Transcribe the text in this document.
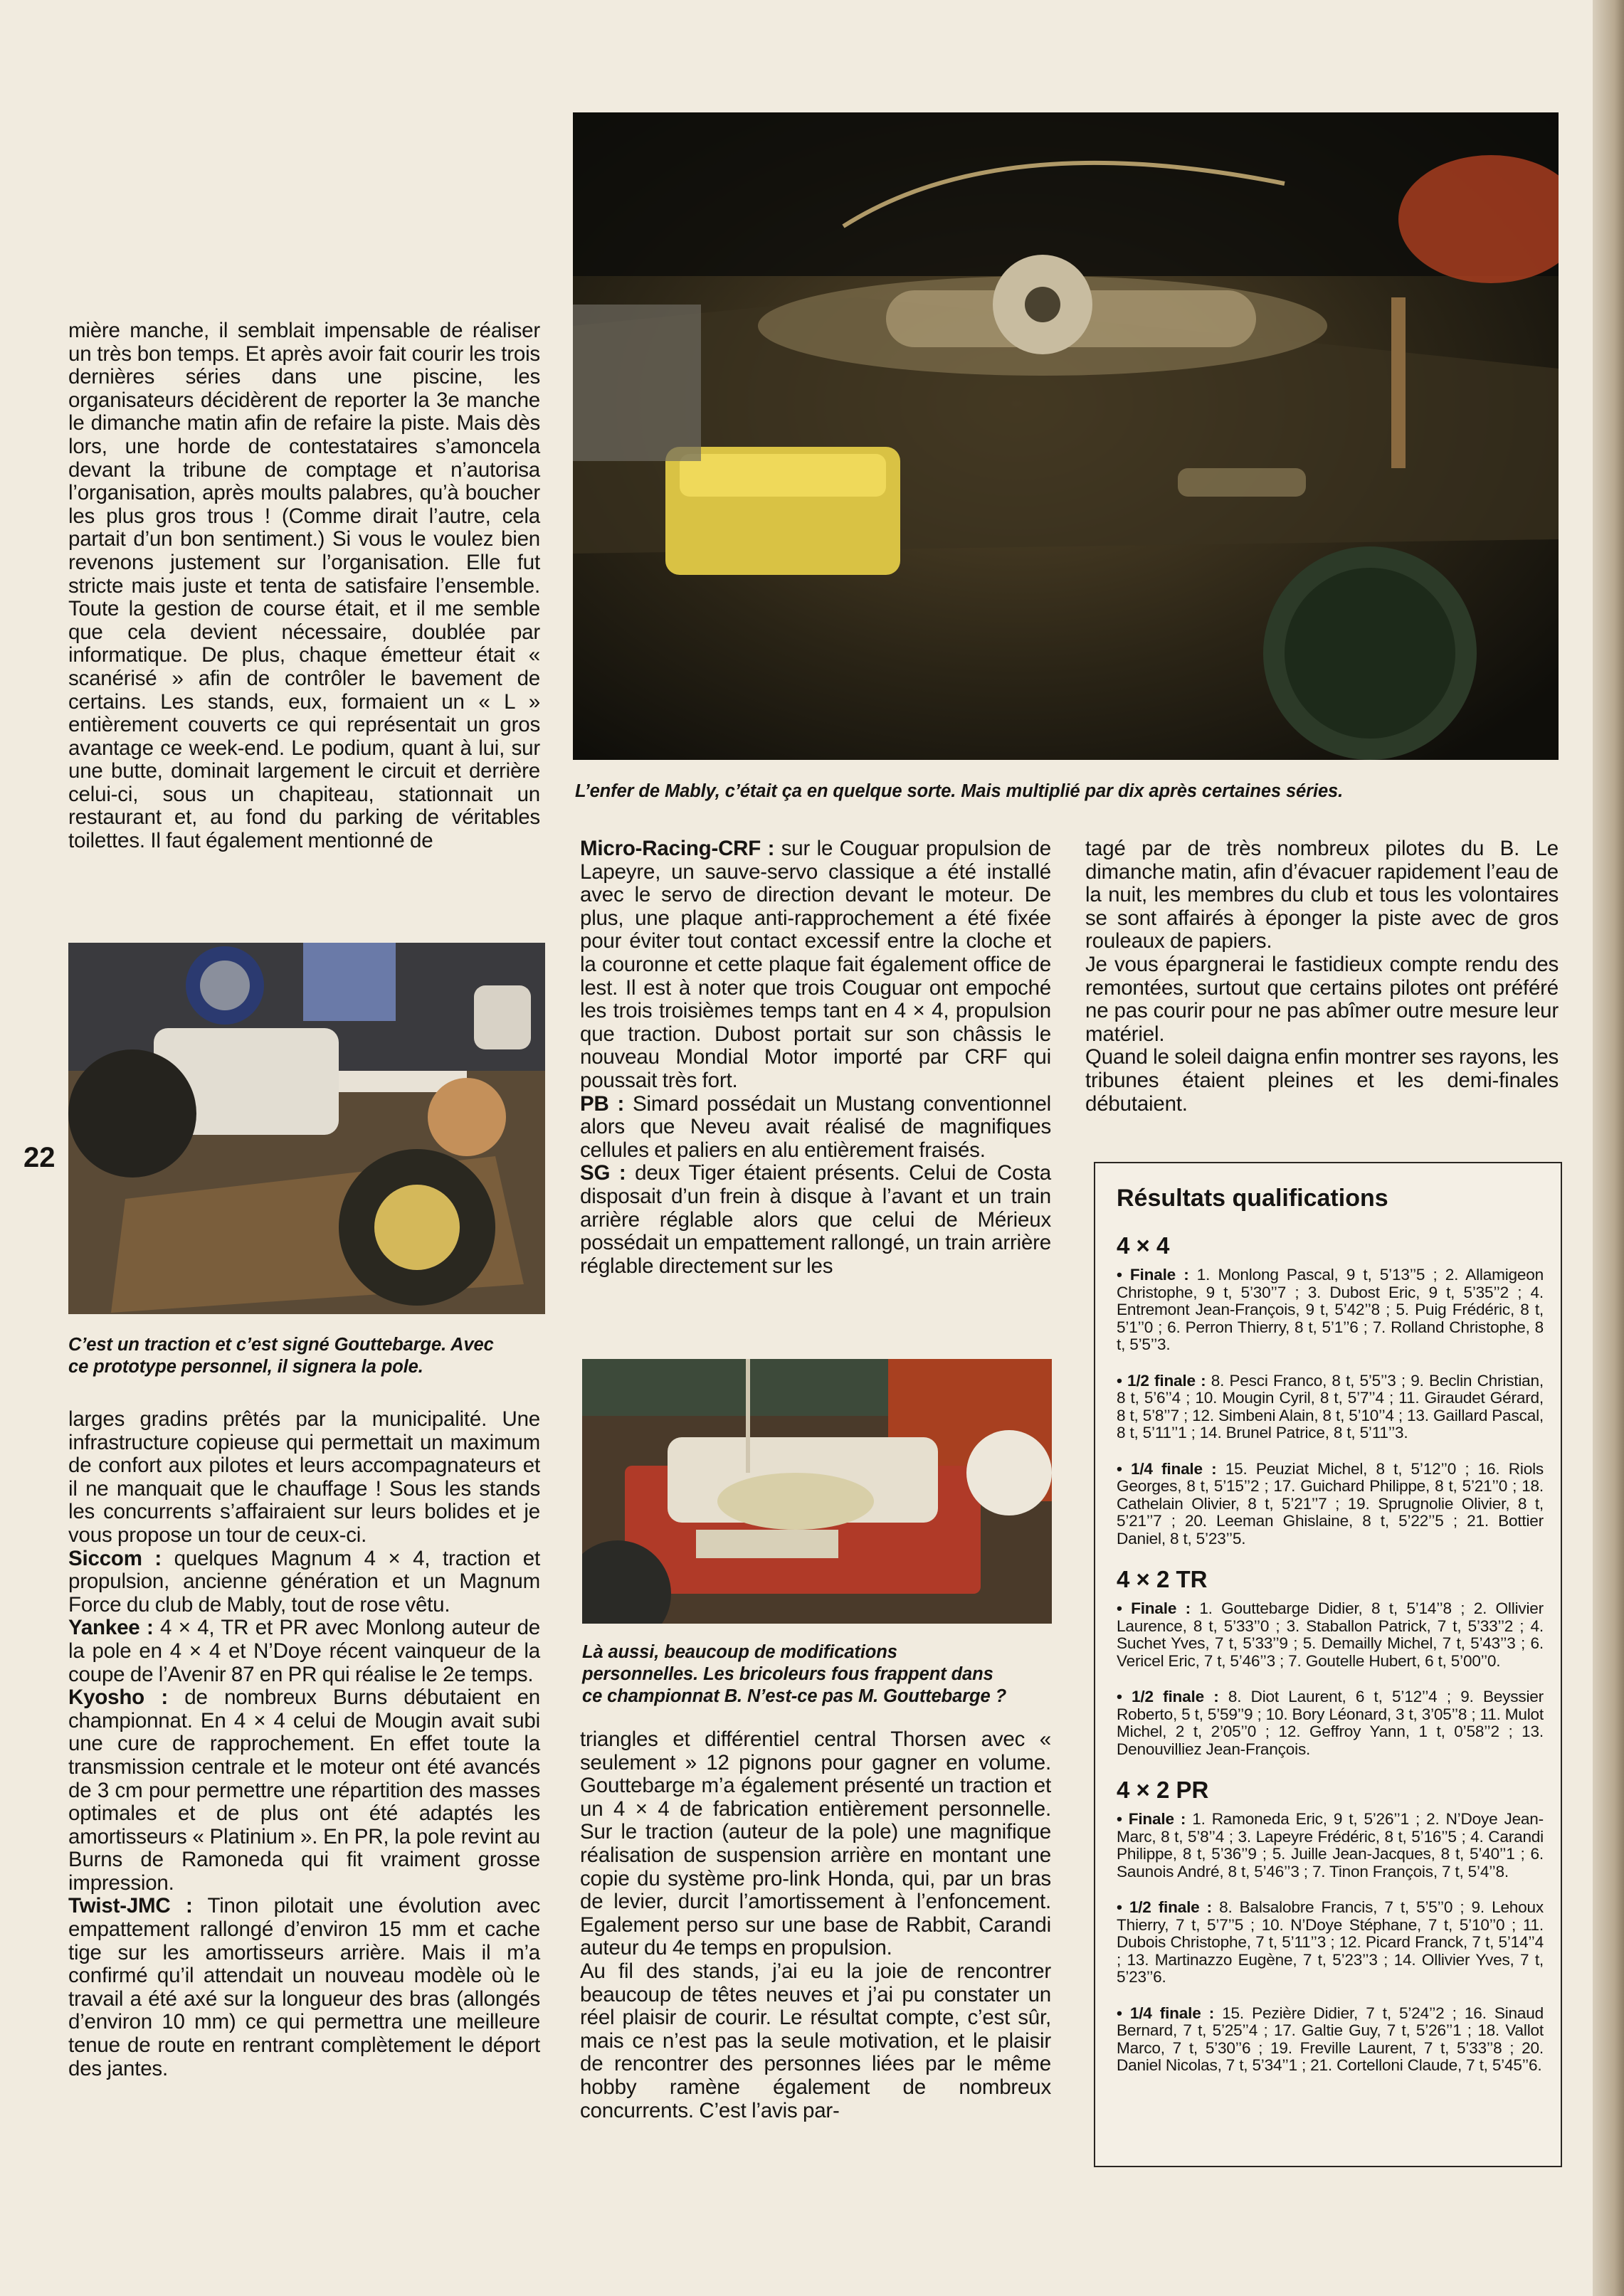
L’enfer de Mably, c’était ça en quelque sorte. Mais multiplié par dix après certaines séries.

mière manche, il semblait impensable de réaliser un très bon temps. Et après avoir fait courir les trois dernières séries dans une piscine, les organisateurs décidèrent de reporter la 3e manche le dimanche matin afin de refaire la piste. Mais dès lors, une horde de contestataires s’amoncela devant la tribune de comptage et n’autorisa l’organisation, après moults palabres, qu’à boucher les plus gros trous ! (Comme dirait l’autre, cela partait d’un bon sentiment.) Si vous le voulez bien revenons justement sur l’organisation. Elle fut stricte mais juste et tenta de satisfaire l’ensemble. Toute la gestion de course était, et il me semble que cela devient nécessaire, doublée par informatique. De plus, chaque émetteur était « scanérisé » afin de contrôler le bavement de certains. Les stands, eux, formaient un « L » entièrement couverts ce qui représentait un gros avantage ce week-end. Le podium, quant à lui, sur une butte, dominait largement le circuit et derrière celui-ci, sous un chapiteau, stationnait un restaurant et, au fond du parking de véritables toilettes. Il faut également mentionné de

C’est un traction et c’est signé Gouttebarge. Avec
ce prototype personnel, il signera la pole.
22

larges gradins prêtés par la municipalité. Une infrastructure copieuse qui permettait un maximum de confort aux pilotes et leurs accompagnateurs et il ne manquait que le chauffage ! Sous les stands les concurrents s’affairaient sur leurs bolides et je vous propose un tour de ceux-ci.

Siccom : quelques Magnum 4 × 4, traction et propulsion, ancienne génération et un Magnum Force du club de Mably, tout de rose vêtu.

Yankee : 4 × 4, TR et PR avec Monlong auteur de la pole en 4 × 4 et N’Doye récent vainqueur de la coupe de l’Avenir 87 en PR qui réalise le 2e temps.

Kyosho : de nombreux Burns débutaient en championnat. En 4 × 4 celui de Mougin avait subi une cure de rapprochement. En effet toute la transmission centrale et le moteur ont été avancés de 3 cm pour permettre une répartition des masses optimales et de plus ont été adaptés les amortisseurs « Platinium ». En PR, la pole revint au Burns de Ramoneda qui fit vraiment grosse impression.

Twist-JMC : Tinon pilotait une évolution avec empattement rallongé d’environ 15 mm et cache tige sur les amortisseurs arrière. Mais il m’a confirmé qu’il attendait un nouveau modèle où le travail a été axé sur la longueur des bras (allongés d’environ 10 mm) ce qui permettra une meilleure tenue de route en rentrant complètement le déport des jantes.

Micro-Racing-CRF : sur le Couguar propulsion de Lapeyre, un sauve-servo classique a été installé avec le servo de direction devant le moteur. De plus, une plaque anti-rapprochement a été fixée pour éviter tout contact excessif entre la cloche et la couronne et cette plaque fait également office de lest. Il est à noter que trois Couguar ont empoché les trois troisièmes temps tant en 4 × 4, propulsion que traction. Dubost portait sur son châssis le nouveau Mondial Motor importé par CRF qui poussait très fort.

PB : Simard possédait un Mustang conventionnel alors que Neveu avait réalisé de magnifiques cellules et paliers en alu entièrement fraisés.

SG : deux Tiger étaient présents. Celui de Costa disposait d’un frein à disque à l’avant et un train arrière réglable alors que celui de Mérieux possédait un empattement rallongé, un train arrière réglable directement sur les

Là aussi, beaucoup de modifications
personnelles. Les bricoleurs fous frappent dans
ce championnat B. N’est-ce pas M. Gouttebarge ?

triangles et différentiel central Thorsen avec « seulement » 12 pignons pour gagner en volume. Gouttebarge m’a également présenté un traction et un 4 × 4 de fabrication entièrement personnelle. Sur le traction (auteur de la pole) une magnifique réalisation de suspension arrière en montant une copie du système pro-link Honda, qui, par un bras de levier, durcit l’amortissement à l’enfoncement. Egalement perso sur une base de Rabbit, Carandi auteur du 4e temps en propulsion.

Au fil des stands, j’ai eu la joie de rencontrer beaucoup de têtes neuves et j’ai pu constater un réel plaisir de courir. Le résultat compte, c’est sûr, mais ce n’est pas la seule motivation, et le plaisir de rencontrer des personnes liées par le même hobby ramène également de nombreux concurrents. C’est l’avis par-

tagé par de très nombreux pilotes du B. Le dimanche matin, afin d’évacuer rapidement l’eau de la nuit, les membres du club et tous les volontaires se sont affairés à éponger la piste avec de gros rouleaux de papiers.

Je vous épargnerai le fastidieux compte rendu des remontées, surtout que certains pilotes ont préféré ne pas courir pour ne pas abîmer outre mesure leur matériel.

Quand le soleil daigna enfin montrer ses rayons, les tribunes étaient pleines et les demi-finales débutaient.

Résultats qualifications
4 × 4

• Finale : 1. Monlong Pascal, 9 t, 5’13’’5 ; 2. Allamigeon Christophe, 9 t, 5’30’’7 ; 3. Dubost Eric, 9 t, 5’35’’2 ; 4. Entremont Jean-François, 9 t, 5’42’’8 ; 5. Puig Frédéric, 8 t, 5’1’’0 ; 6. Perron Thierry, 8 t, 5’1’’6 ; 7. Rolland Christophe, 8 t, 5’5’’3.

• 1/2 finale : 8. Pesci Franco, 8 t, 5’5’’3 ; 9. Beclin Christian, 8 t, 5’6’’4 ; 10. Mougin Cyril, 8 t, 5’7’’4 ; 11. Giraudet Gérard, 8 t, 5’8’’7 ; 12. Simbeni Alain, 8 t, 5’10’’4 ; 13. Gaillard Pascal, 8 t, 5’11’’1 ; 14. Brunel Patrice, 8 t, 5’11’’3.

• 1/4 finale : 15. Peuziat Michel, 8 t, 5’12’’0 ; 16. Riols Georges, 8 t, 5’15’’2 ; 17. Guichard Philippe, 8 t, 5’21’’0 ; 18. Cathelain Olivier, 8 t, 5’21’’7 ; 19. Sprugnolie Olivier, 8 t, 5’21’’7 ; 20. Leeman Ghislaine, 8 t, 5’22’’5 ; 21. Bottier Daniel, 8 t, 5’23’’5.

4 × 2 TR

• Finale : 1. Gouttebarge Didier, 8 t, 5’14’’8 ; 2. Ollivier Laurence, 8 t, 5’33’’0 ; 3. Staballon Patrick, 7 t, 5’33’’2 ; 4. Suchet Yves, 7 t, 5’33’’9 ; 5. Demailly Michel, 7 t, 5’43’’3 ; 6. Vericel Eric, 7 t, 5’46’’3 ; 7. Goutelle Hubert, 6 t, 5’00’’0.

• 1/2 finale : 8. Diot Laurent, 6 t, 5’12’’4 ; 9. Beyssier Roberto, 5 t, 5’59’’9 ; 10. Bory Léonard, 3 t, 3’05’’8 ; 11. Mulot Michel, 2 t, 2’05’’0 ; 12. Geffroy Yann, 1 t, 0’58’’2 ; 13. Denouvilliez Jean-François.

4 × 2 PR

• Finale : 1. Ramoneda Eric, 9 t, 5’26’’1 ; 2. N’Doye Jean-Marc, 8 t, 5’8’’4 ; 3. Lapeyre Frédéric, 8 t, 5’16’’5 ; 4. Carandi Philippe, 8 t, 5’36’’9 ; 5. Juille Jean-Jacques, 8 t, 5’40’’1 ; 6. Saunois André, 8 t, 5’46’’3 ; 7. Tinon François, 7 t, 5’4’’8.

• 1/2 finale : 8. Balsalobre Francis, 7 t, 5’5’’0 ; 9. Lehoux Thierry, 7 t, 5’7’’5 ; 10. N’Doye Stéphane, 7 t, 5’10’’0 ; 11. Dubois Christophe, 7 t, 5’11’’3 ; 12. Picard Franck, 7 t, 5’14’’4 ; 13. Martinazzo Eugène, 7 t, 5’23’’3 ; 14. Ollivier Yves, 7 t, 5’23’’6.

• 1/4 finale : 15. Pezière Didier, 7 t, 5’24’’2 ; 16. Sinaud Bernard, 7 t, 5’25’’4 ; 17. Galtie Guy, 7 t, 5’26’’1 ; 18. Vallot Marco, 7 t, 5’30’’6 ; 19. Freville Laurent, 7 t, 5’33’’8 ; 20. Daniel Nicolas, 7 t, 5’34’’1 ; 21. Cortelloni Claude, 7 t, 5’45’’6.
